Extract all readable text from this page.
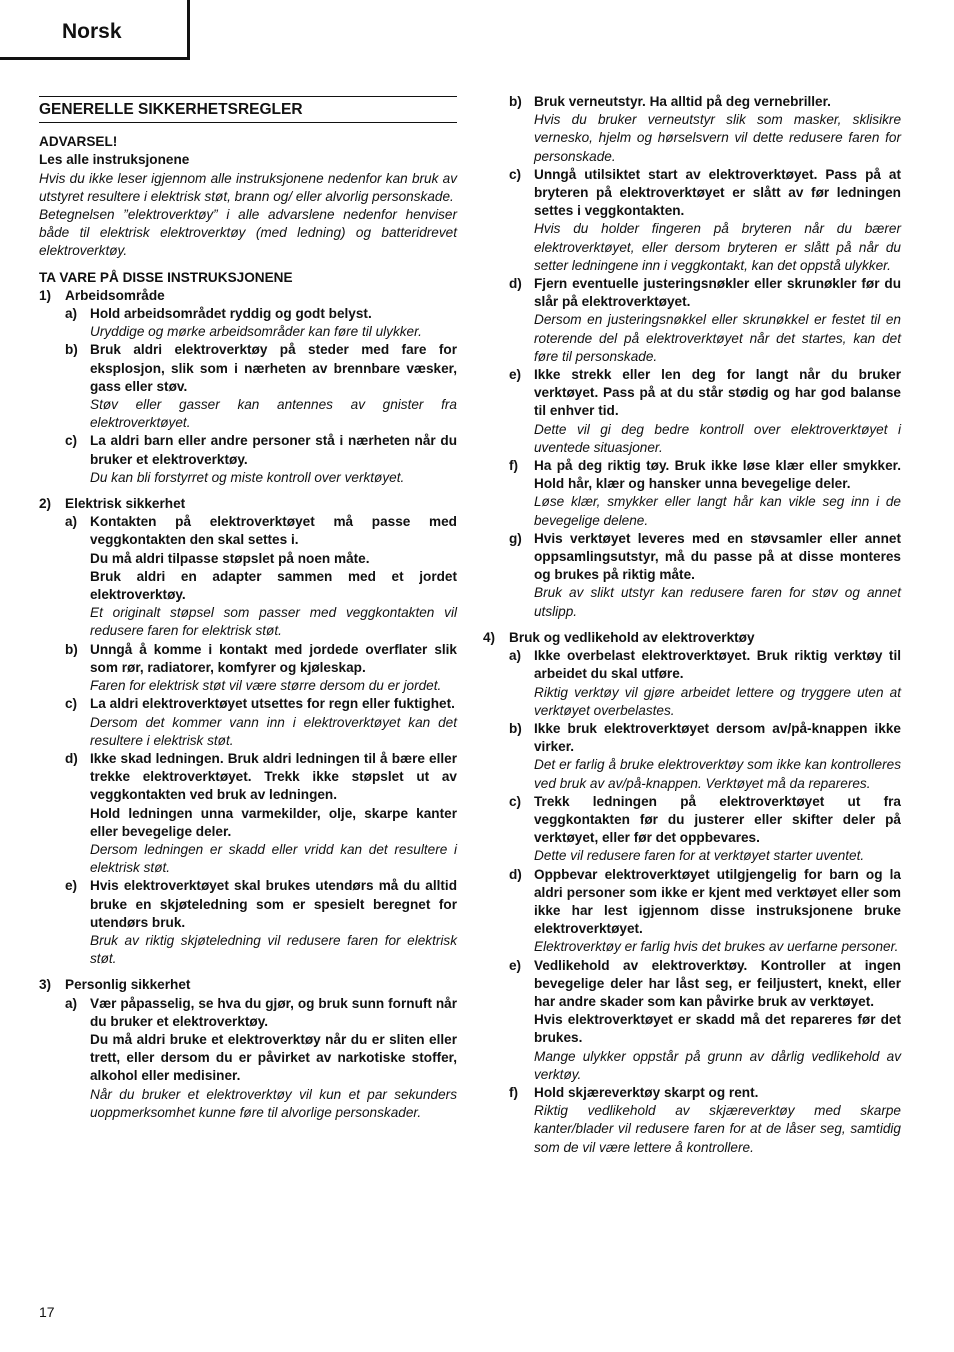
Norsk
GENERELLE SIKKERHETSREGLER
ADVARSEL!
Les alle instruksjonene
Hvis du ikke leser igjennom alle instruksjonene nedenfor kan bruk av utstyret resultere i elektrisk støt, brann og/ eller alvorlig personskade.
Betegnelsen ”elektroverktøy” i alle advarslene nedenfor henviser både til elektrisk elektroverktøy (med ledning) og batteridrevet elektroverktøy.
TA VARE PÅ DISSE INSTRUKSJONENE
1)	Arbeidsområde
a) Hold arbeidsområdet ryddig og godt belyst.
Uryddige og mørke arbeidsområder kan føre til ulykker.
b) Bruk aldri elektroverktøy på steder med fare for eksplosjon, slik som i nærheten av brennbare væsker, gass eller støv.
Støv eller gasser kan antennes av gnister fra elektroverktøyet.
c) La aldri barn eller andre personer stå i nærheten når du bruker et elektroverktøy.
Du kan bli forstyrret og miste kontroll over verktøyet.
2)	Elektrisk sikkerhet
a) Kontakten på elektroverktøyet må passe med veggkontakten den skal settes i.
Du må aldri tilpasse støpslet på noen måte.
Bruk aldri en adapter sammen med et jordet elektroverktøy.
Et originalt støpsel som passer med veggkontakten vil redusere faren for elektrisk støt.
b) Unngå å komme i kontakt med jordede overflater slik som rør, radiatorer, komfyrer og kjøleskap.
Faren for elektrisk støt vil være større dersom du er jordet.
c) La aldri elektroverktøyet utsettes for regn eller fuktighet.
Dersom det kommer vann inn i elektroverktøyet kan det resultere i elektrisk støt.
d) Ikke skad ledningen. Bruk aldri ledningen til å bære eller trekke elektroverktøyet. Trekk ikke støpslet ut av veggkontakten ved bruk av ledningen.
Hold ledningen unna varmekilder, olje, skarpe kanter eller bevegelige deler.
Dersom ledningen er skadd eller vridd kan det resultere i elektrisk støt.
e) Hvis elektroverktøyet skal brukes utendørs må du alltid bruke en skjøteledning som er spesielt beregnet for utendørs bruk.
Bruk av riktig skjøteledning vil redusere faren for elektrisk støt.
3)	Personlig sikkerhet
a) Vær påpasselig, se hva du gjør, og bruk sunn fornuft når du bruker et elektroverktøy.
Du må aldri bruke et elektroverktøy når du er sliten eller trett, eller dersom du er påvirket av narkotiske stoffer, alkohol eller medisiner.
Når du bruker et elektroverktøy vil kun et par sekunders uoppmerksomhet kunne føre til alvorlige personskader.
b) Bruk verneutstyr. Ha alltid på deg vernebriller.
Hvis du bruker verneutstyr slik som masker, sklisikre vernesko, hjelm og hørselsvern vil dette redusere faren for personskade.
c) Unngå utilsiktet start av elektroverktøyet. Pass på at bryteren på elektroverktøyet er slått av før ledningen settes i veggkontakten.
Hvis du holder fingeren på bryteren når du bærer elektroverktøyet, eller dersom bryteren er slått på når du setter ledningene inn i veggkontakt, kan det oppstå ulykker.
d) Fjern eventuelle justeringsnøkler eller skrunøkler før du slår på elektroverktøyet.
Dersom en justeringsnøkkel eller skrunøkkel er festet til en roterende del på elektroverktøyet når det startes, kan det føre til personskade.
e) Ikke strekk eller len deg for langt når du bruker verktøyet. Pass på at du står stødig og har god balanse til enhver tid.
Dette vil gi deg bedre kontroll over elektroverktøyet i uventede situasjoner.
f)	Ha på deg riktig tøy. Bruk ikke løse klær eller smykker. Hold hår, klær og hansker unna bevegelige deler.
Løse klær, smykker eller langt hår kan vikle seg inn i de bevegelige delene.
g) Hvis verktøyet leveres med en støvsamler eller annet oppsamlingsutstyr, må du passe på at disse monteres og brukes på riktig måte.
Bruk av slikt utstyr kan redusere faren for støv og annet utslipp.
4)	Bruk og vedlikehold av elektroverktøy
a) Ikke overbelast elektroverktøyet. Bruk riktig verktøy til arbeidet du skal utføre.
Riktig verktøy vil gjøre arbeidet lettere og tryggere uten at verktøyet overbelastes.
b) Ikke bruk elektroverktøyet dersom av/på-knappen ikke virker.
Det er farlig å bruke elektroverktøy som ikke kan kontrolleres ved bruk av av/på-knappen. Verktøyet må da repareres.
c) Trekk ledningen på elektroverktøyet ut fra veggkontakten før du justerer eller skifter deler på verktøyet, eller før det oppbevares.
Dette vil redusere faren for at verktøyet starter uventet.
d) Oppbevar elektroverktøyet utilgjengelig for barn og la aldri personer som ikke er kjent med verktøyet eller som ikke har lest igjennom disse instruksjonene bruke elektroverktøyet.
Elektroverktøy er farlig hvis det brukes av uerfarne personer.
e) Vedlikehold av elektroverktøy. Kontroller at ingen bevegelige deler har låst seg, er feiljustert, knekt, eller har andre skader som kan påvirke bruk av verktøyet.
Hvis elektroverktøyet er skadd må det repareres før det brukes.
Mange ulykker oppstår på grunn av dårlig vedlikehold av verktøy.
f)	Hold skjæreverktøy skarpt og rent.
Riktig vedlikehold av skjæreverktøy med skarpe kanter/blader vil redusere faren for at de låser seg, samtidig som de vil være lettere å kontrollere.
17
